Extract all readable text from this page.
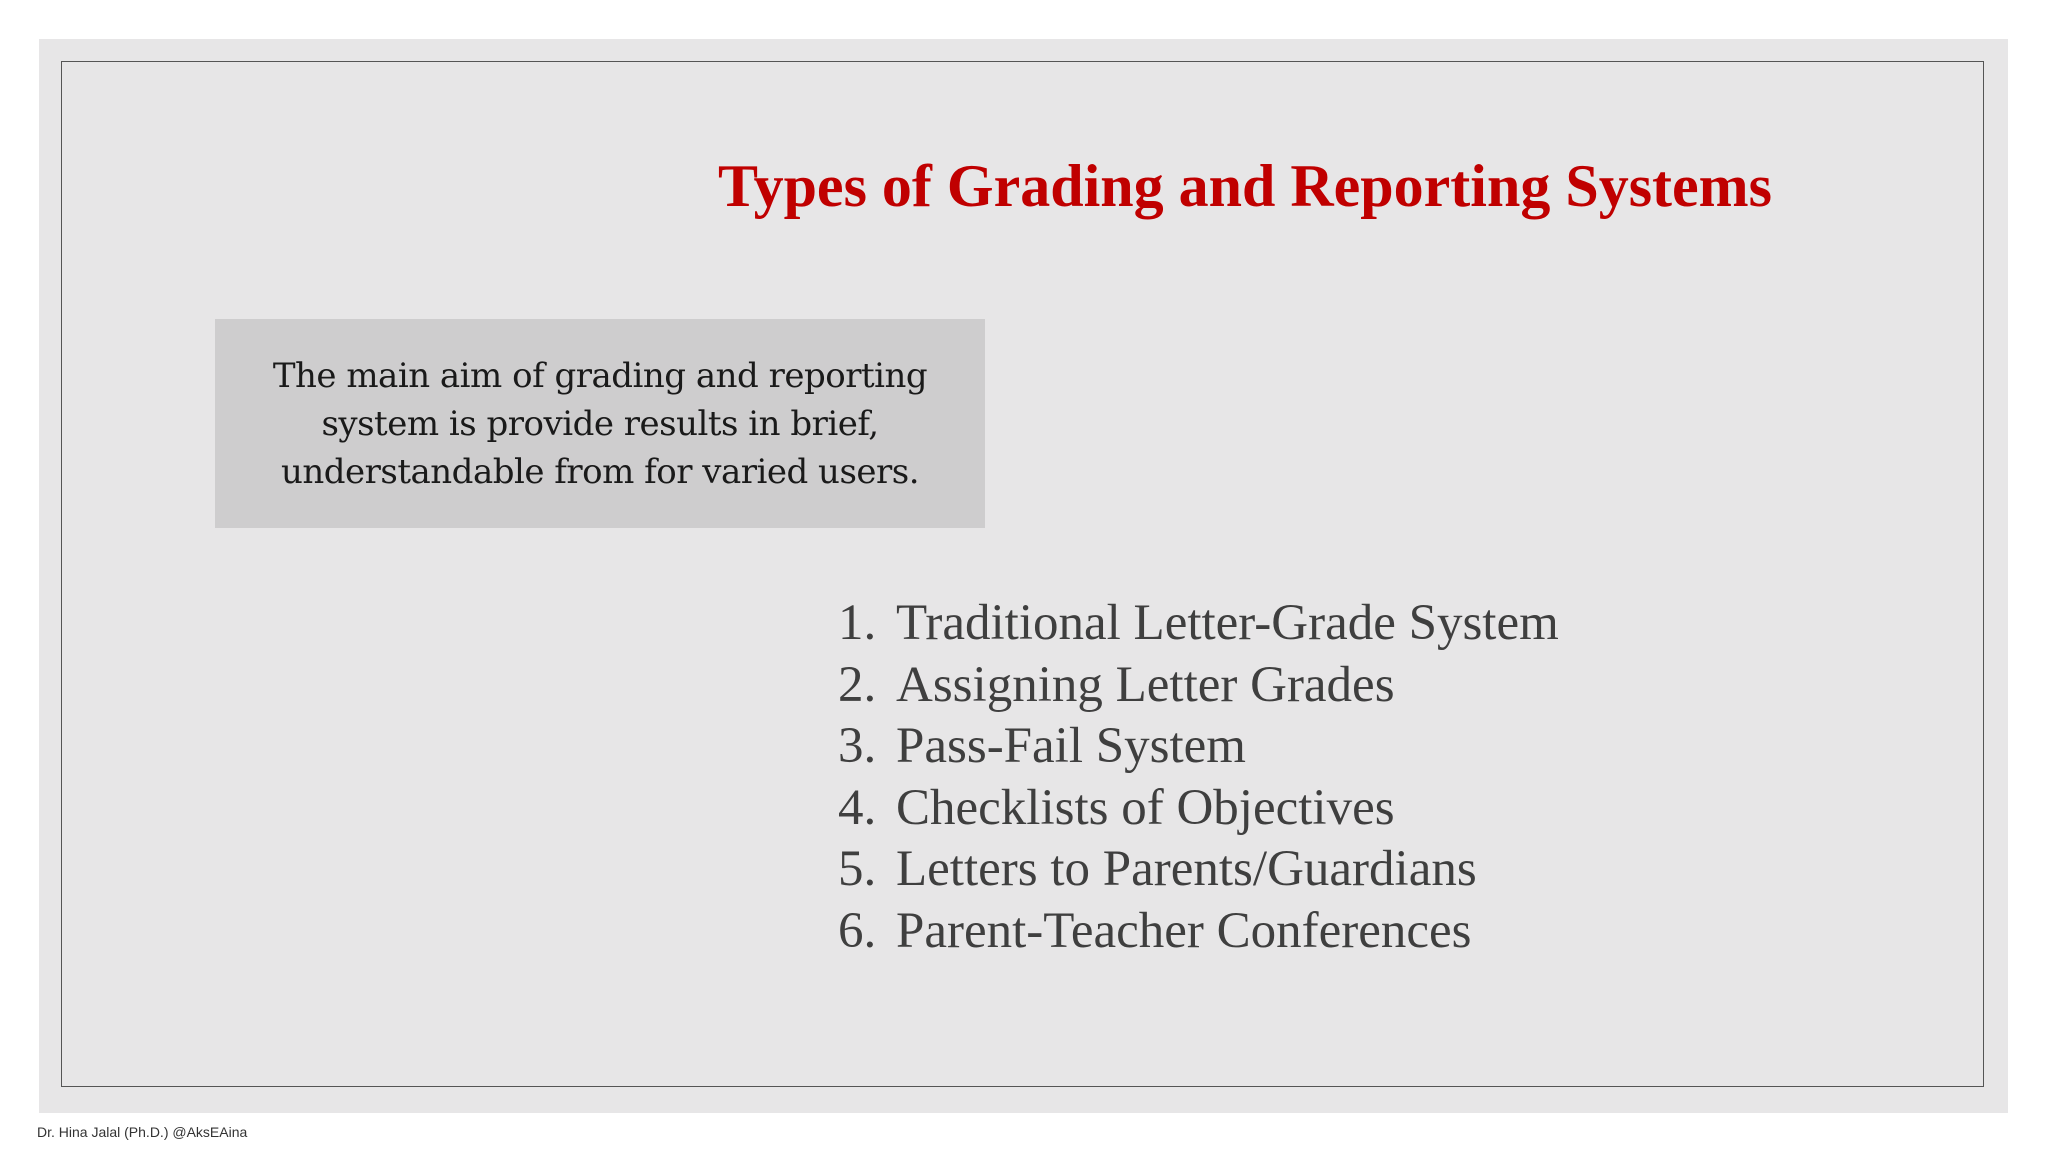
Types of Grading and Reporting Systems
The main aim of grading and reporting system is provide results in brief, understandable from for varied users.
1. Traditional Letter-Grade System
2. Assigning Letter Grades
3. Pass-Fail System
4. Checklists of Objectives
5. Letters to Parents/Guardians
6. Parent-Teacher Conferences
Dr. Hina Jalal (Ph.D.) @AksEAina
